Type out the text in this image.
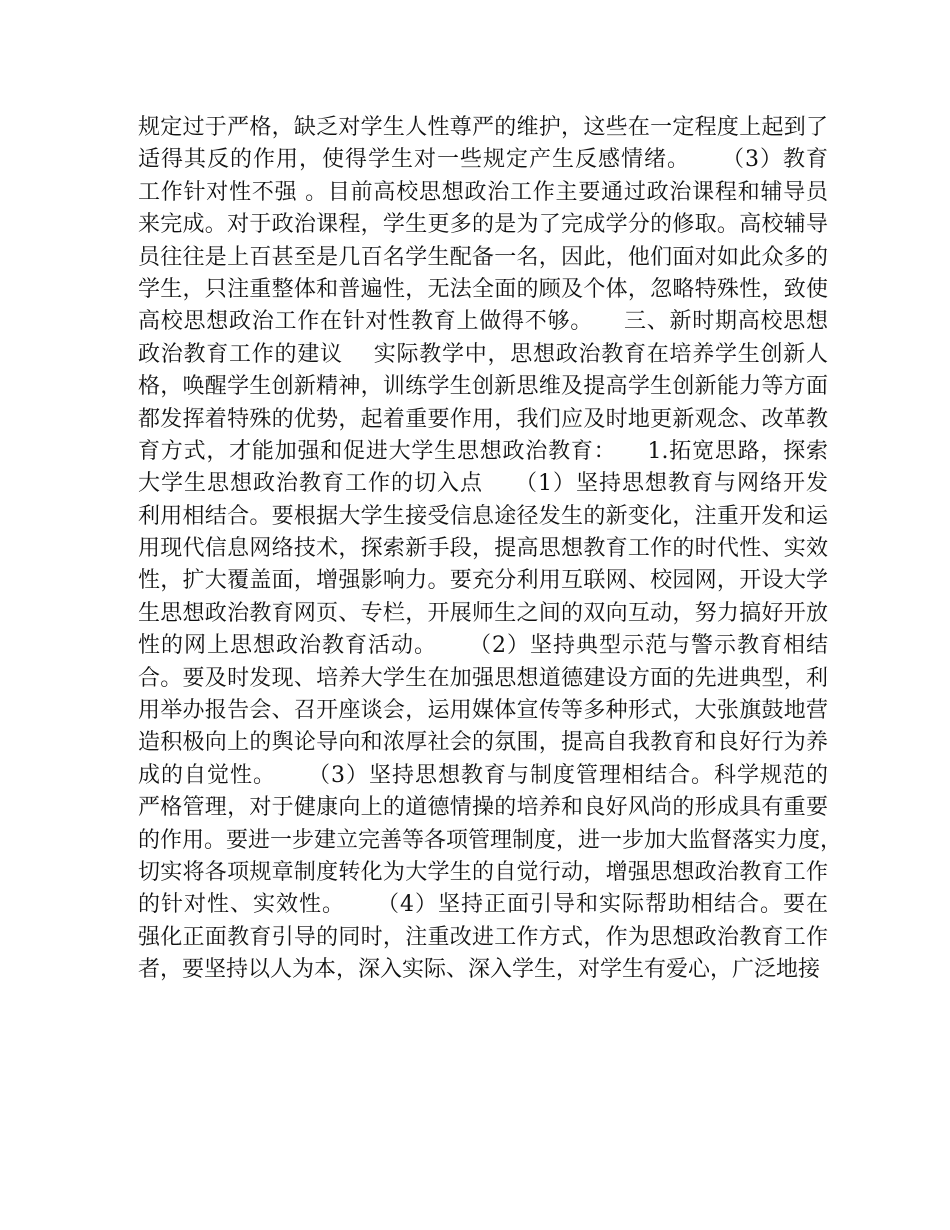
规定过于严格，缺乏对学生人性尊严的维护，这些在一定程度上起到了
适得其反的作用，使得学生对一些规定产生反感情绪。    （3）教育
工作针对性不强 。目前高校思想政治工作主要通过政治课程和辅导员
来完成。对于政治课程，学生更多的是为了完成学分的修取。高校辅导
员往往是上百甚至是几百名学生配备一名，因此，他们面对如此众多的
学生，只注重整体和普遍性，无法全面的顾及个体，忽略特殊性，致使
高校思想政治工作在针对性教育上做得不够。    三、新时期高校思想
政治教育工作的建议    实际教学中，思想政治教育在培养学生创新人
格，唤醒学生创新精神，训练学生创新思维及提高学生创新能力等方面
都发挥着特殊的优势，起着重要作用，我们应及时地更新观念、改革教
育方式，才能加强和促进大学生思想政治教育：    1.拓宽思路，探索
大学生思想政治教育工作的切入点    （1）坚持思想教育与网络开发
利用相结合。要根据大学生接受信息途径发生的新变化，注重开发和运
用现代信息网络技术，探索新手段，提高思想教育工作的时代性、实效
性，扩大覆盖面，增强影响力。要充分利用互联网、校园网，开设大学
生思想政治教育网页、专栏，开展师生之间的双向互动，努力搞好开放
性的网上思想政治教育活动。    （2）坚持典型示范与警示教育相结
合。要及时发现、培养大学生在加强思想道德建设方面的先进典型，利
用举办报告会、召开座谈会，运用媒体宣传等多种形式，大张旗鼓地营
造积极向上的舆论导向和浓厚社会的氛围，提高自我教育和良好行为养
成的自觉性。    （3）坚持思想教育与制度管理相结合。科学规范的
严格管理，对于健康向上的道德情操的培养和良好风尚的形成具有重要
的作用。要进一步建立完善等各项管理制度，进一步加大监督落实力度，
切实将各项规章制度转化为大学生的自觉行动，增强思想政治教育工作
的针对性、实效性。    （4）坚持正面引导和实际帮助相结合。要在
强化正面教育引导的同时，注重改进工作方式，作为思想政治教育工作
者，要坚持以人为本，深入实际、深入学生，对学生有爱心，广泛地接
